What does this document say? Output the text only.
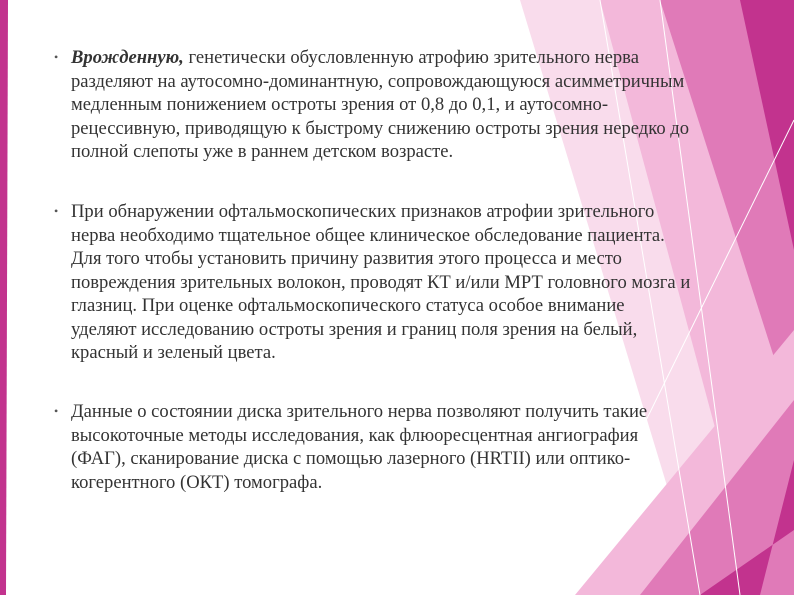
• Врожденную, генетически обусловленную атрофию зрительного нерва разделяют на аутосомно-доминантную, сопровождающуюся асимметричным медленным понижением остроты зрения от 0,8 до 0,1, и аутосомно-рецессивную, приводящую к быстрому снижению остроты зрения нередко до полной слепоты уже в раннем детском возрасте.
• При обнаружении офтальмоскопических признаков атрофии зрительного нерва необходимо тщательное общее клиническое обследование пациента. Для того чтобы установить причину развития этого процесса и место повреждения зрительных волокон, проводят КТ и/или МРТ головного мозга и глазниц. При оценке офтальмоскопического статуса особое внимание уделяют исследованию остроты зрения и границ поля зрения на белый, красный и зеленый цвета.
• Данные о состоянии диска зрительного нерва позволяют получить такие высокоточные методы исследования, как флюоресцентная ангиография (ФАГ), сканирование диска с помощью лазерного (HRTII) или оптико-когерентного (ОКТ) томографа.
